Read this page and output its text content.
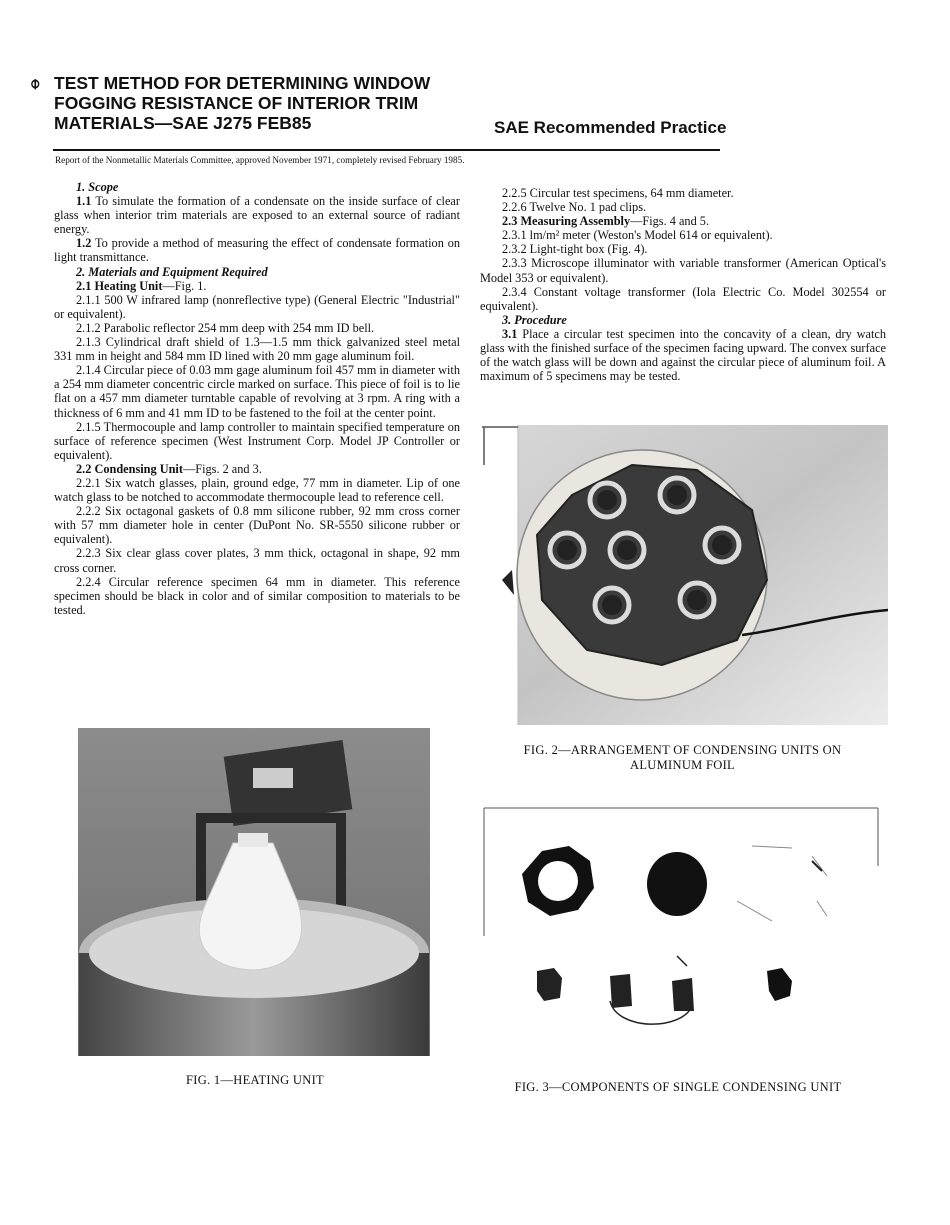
⌽ TEST METHOD FOR DETERMINING WINDOW
FOGGING RESISTANCE OF INTERIOR TRIM
MATERIALS—SAE J275 FEB85	SAE Recommended Practice
Report of the Nonmetallic Materials Committee, approved November 1971, completely revised February 1985.

1. Scope

1.1 To simulate the formation of a condensate on the inside surface of clear glass when interior trim materials are exposed to an external source of radiant energy.

1.2 To provide a method of measuring the effect of condensate formation on light transmittance.

2. Materials and Equipment Required

2.1 Heating Unit—Fig. 1.

2.1.1 500 W infrared lamp (nonreflective type) (General Electric "Industrial" or equivalent).

2.1.2 Parabolic reflector 254 mm deep with 254 mm ID bell.

2.1.3 Cylindrical draft shield of 1.3—1.5 mm thick galvanized steel metal 331 mm in height and 584 mm ID lined with 20 mm gage aluminum foil.

2.1.4 Circular piece of 0.03 mm gage aluminum foil 457 mm in diameter with a 254 mm diameter concentric circle marked on surface. This piece of foil is to lie flat on a 457 mm diameter turntable capable of revolving at 3 rpm. A ring with a thickness of 6 mm and 41 mm ID to be fastened to the foil at the center point.

2.1.5 Thermocouple and lamp controller to maintain specified temperature on surface of reference specimen (West Instrument Corp. Model JP Controller or equivalent).

2.2 Condensing Unit—Figs. 2 and 3.

2.2.1 Six watch glasses, plain, ground edge, 77 mm in diameter. Lip of one watch glass to be notched to accommodate thermocouple lead to reference cell.

2.2.2 Six octagonal gaskets of 0.8 mm silicone rubber, 92 mm cross corner with 57 mm diameter hole in center (DuPont No. SR-5550 silicone rubber or equivalent).

2.2.3 Six clear glass cover plates, 3 mm thick, octagonal in shape, 92 mm cross corner.

2.2.4 Circular reference specimen 64 mm in diameter. This reference specimen should be black in color and of similar composition to materials to be tested.

2.2.5 Circular test specimens, 64 mm diameter.

2.2.6 Twelve No. 1 pad clips.

2.3 Measuring Assembly—Figs. 4 and 5.

2.3.1 lm/m² meter (Weston's Model 614 or equivalent).

2.3.2 Light-tight box (Fig. 4).

2.3.3 Microscope illuminator with variable transformer (American Optical's Model 353 or equivalent).

2.3.4 Constant voltage transformer (Iola Electric Co. Model 302554 or equivalent).

3. Procedure

3.1 Place a circular test specimen into the concavity of a clean, dry watch glass with the finished surface of the specimen facing upward. The convex surface of the watch glass will be down and against the circular piece of aluminum foil. A maximum of 5 specimens may be tested.

FIG. 2—ARRANGEMENT OF CONDENSING UNITS ON
ALUMINUM FOIL
FIG. 1—HEATING UNIT	FIG. 3—COMPONENTS OF SINGLE CONDENSING UNIT
